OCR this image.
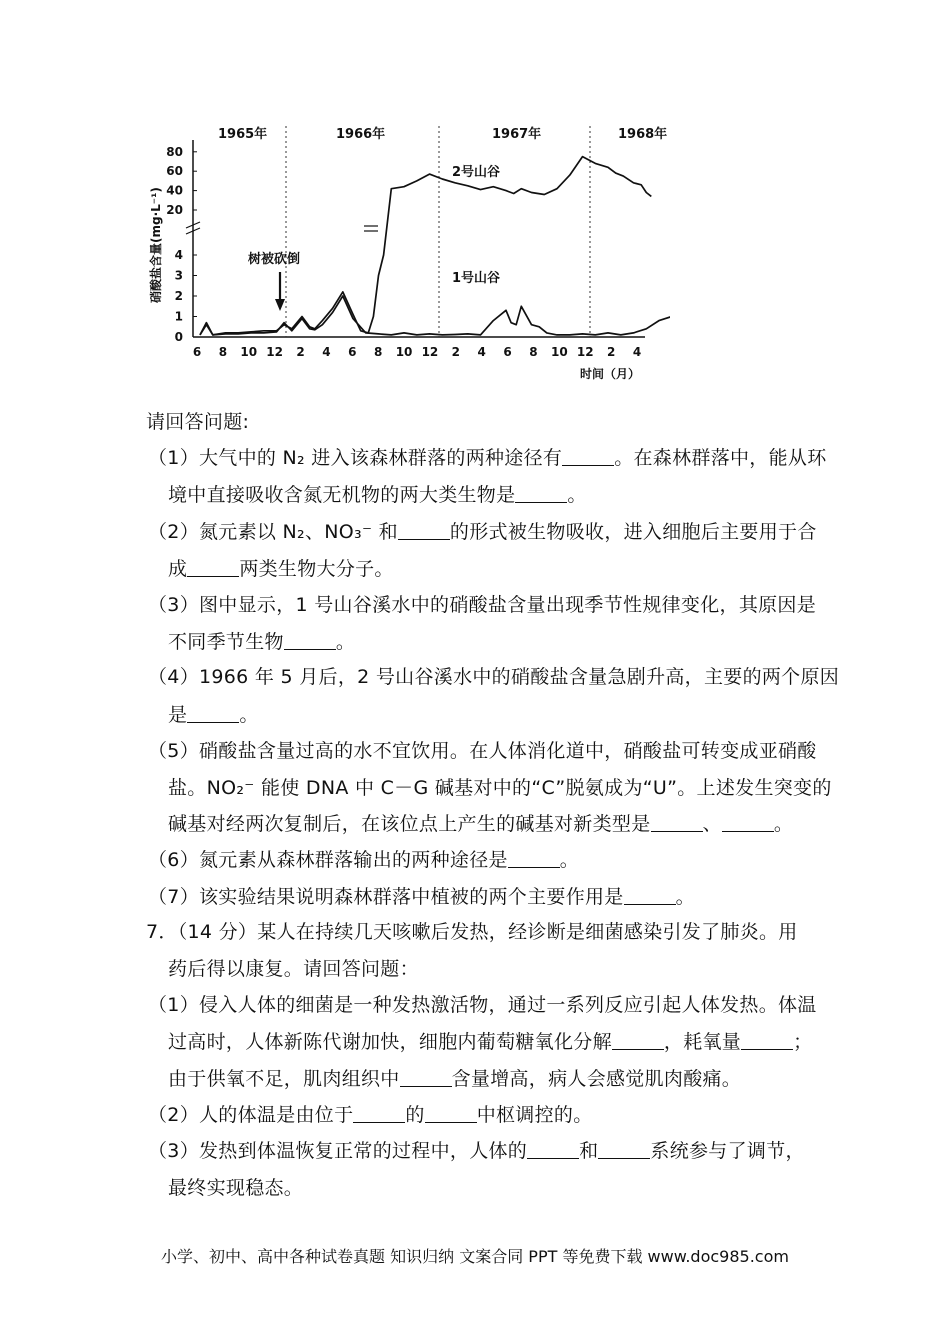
1965年	1966年	1967年	1968年
硝酸盐含量(mg·L⁻¹)	树被砍倒
2号山谷
1号山谷
时间（月）
6 8 10 12 2 4 6 8 10 12 2 4 6 8 10 12 2 4
0
1
2
3
4
20
40
60
80
请回答问题:
（1）大气中的 N₂ 进入该森林群落的两种途径有	。在森林群落中，能从环
境中直接吸收含氮无机物的两大类生物是	。
（2）氮元素以 N₂、NO₃⁻ 和	的形式被生物吸收，进入细胞后主要用于合
成	两类生物大分子。
（3）图中显示，1 号山谷溪水中的硝酸盐含量出现季节性规律变化，其原因是
不同季节生物	。
（4）1966 年 5 月后，2 号山谷溪水中的硝酸盐含量急剧升高，主要的两个原因
是	。
（5）硝酸盐含量过高的水不宜饮用。在人体消化道中，硝酸盐可转变成亚硝酸
盐。NO₂⁻ 能使 DNA 中 C－G 碱基对中的“C”脱氨成为“U”。上述发生突变的
碱基对经两次复制后，在该位点上产生的碱基对新类型是	、	。
（6）氮元素从森林群落输出的两种途径是	。
（7）该实验结果说明森林群落中植被的两个主要作用是	。
7．（14 分）某人在持续几天咳嗽后发热，经诊断是细菌感染引发了肺炎。用
药后得以康复。请回答问题：
（1）侵入人体的细菌是一种发热激活物，通过一系列反应引起人体发热。体温
过高时，人体新陈代谢加快，细胞内葡萄糖氧化分解	，耗氧量	；
由于供氧不足，肌肉组织中	含量增高，病人会感觉肌肉酸痛。
（2）人的体温是由位于	的	中枢调控的。
（3）发热到体温恢复正常的过程中，人体的	和	系统参与了调节，
最终实现稳态。
小学、初中、高中各种试卷真题 知识归纳 文案合同 PPT 等免费下载 www.doc985.com
